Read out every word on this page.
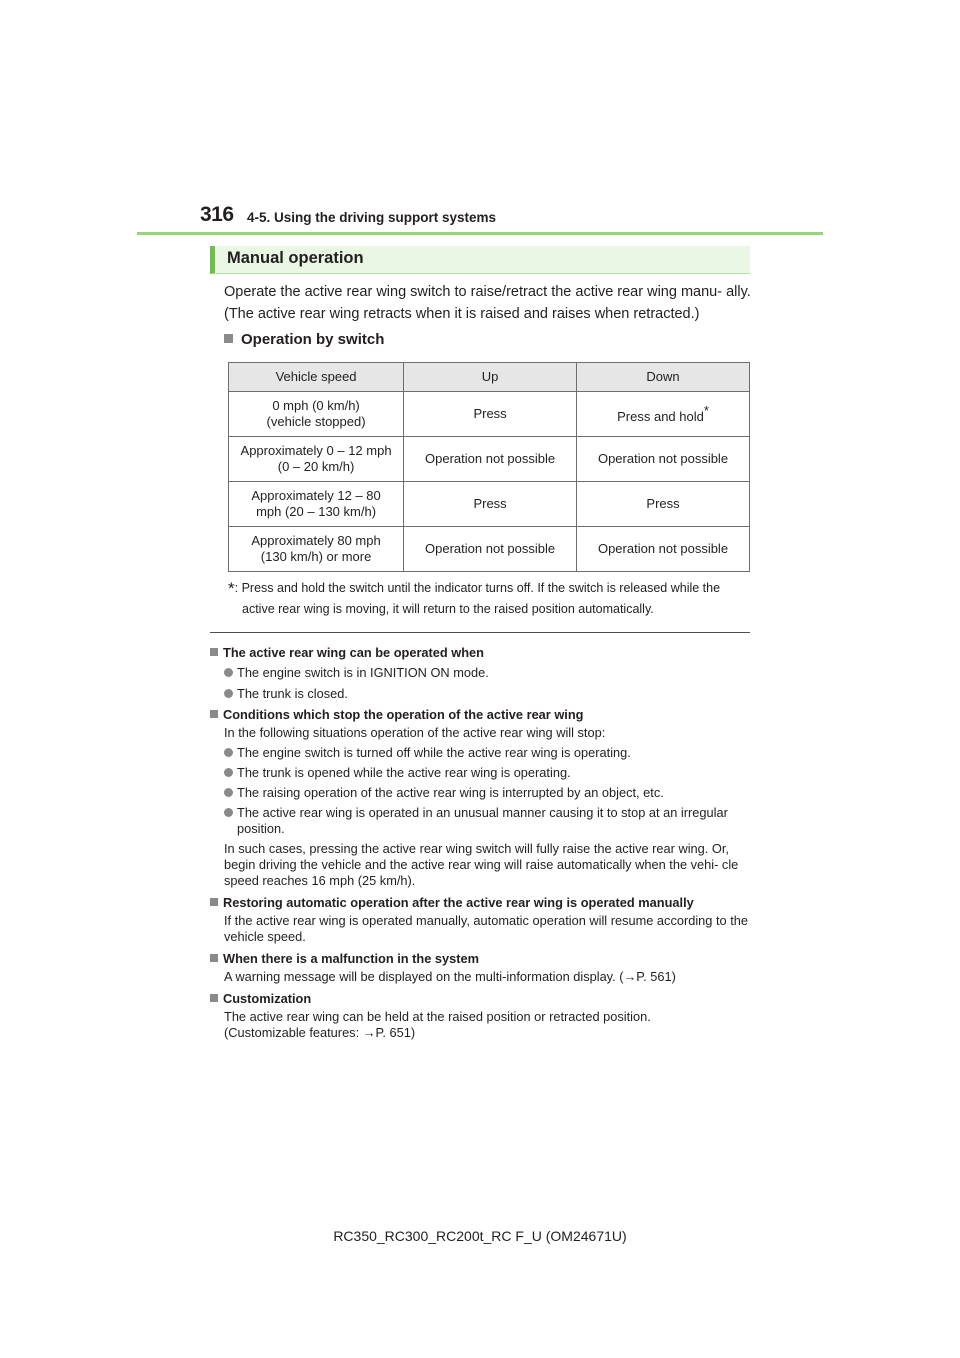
316 4-5. Using the driving support systems
Manual operation
Operate the active rear wing switch to raise/retract the active rear wing manu- ally. (The active rear wing retracts when it is raised and raises when retracted.)
Operation by switch
Vehicle speed	Up	Down
0 mph (0 km/h)
(vehicle stopped)	Press	Press and hold*
Approximately 0 – 12 mph
(0 – 20 km/h)	Operation not possible	Operation not possible
Approximately 12 – 80
mph (20 – 130 km/h)	Press	Press
Approximately 80 mph
(130 km/h) or more	Operation not possible	Operation not possible
*: Press and hold the switch until the indicator turns off. If the switch is released while the
active rear wing is moving, it will return to the raised position automatically.
The active rear wing can be operated when
The engine switch is in IGNITION ON mode.
The trunk is closed.
Conditions which stop the operation of the active rear wing
In the following situations operation of the active rear wing will stop:
The engine switch is turned off while the active rear wing is operating.
The trunk is opened while the active rear wing is operating.
The raising operation of the active rear wing is interrupted by an object, etc.
The active rear wing is operated in an unusual manner causing it to stop at an irregular position.
In such cases, pressing the active rear wing switch will fully raise the active rear wing. Or, begin driving the vehicle and the active rear wing will raise automatically when the vehi- cle speed reaches 16 mph (25 km/h).
Restoring automatic operation after the active rear wing is operated manually
If the active rear wing is operated manually, automatic operation will resume according to the vehicle speed.
When there is a malfunction in the system
A warning message will be displayed on the multi-information display. (→P. 561)
Customization
The active rear wing can be held at the raised position or retracted position.
(Customizable features: →P. 651)
RC350_RC300_RC200t_RC F_U (OM24671U)
